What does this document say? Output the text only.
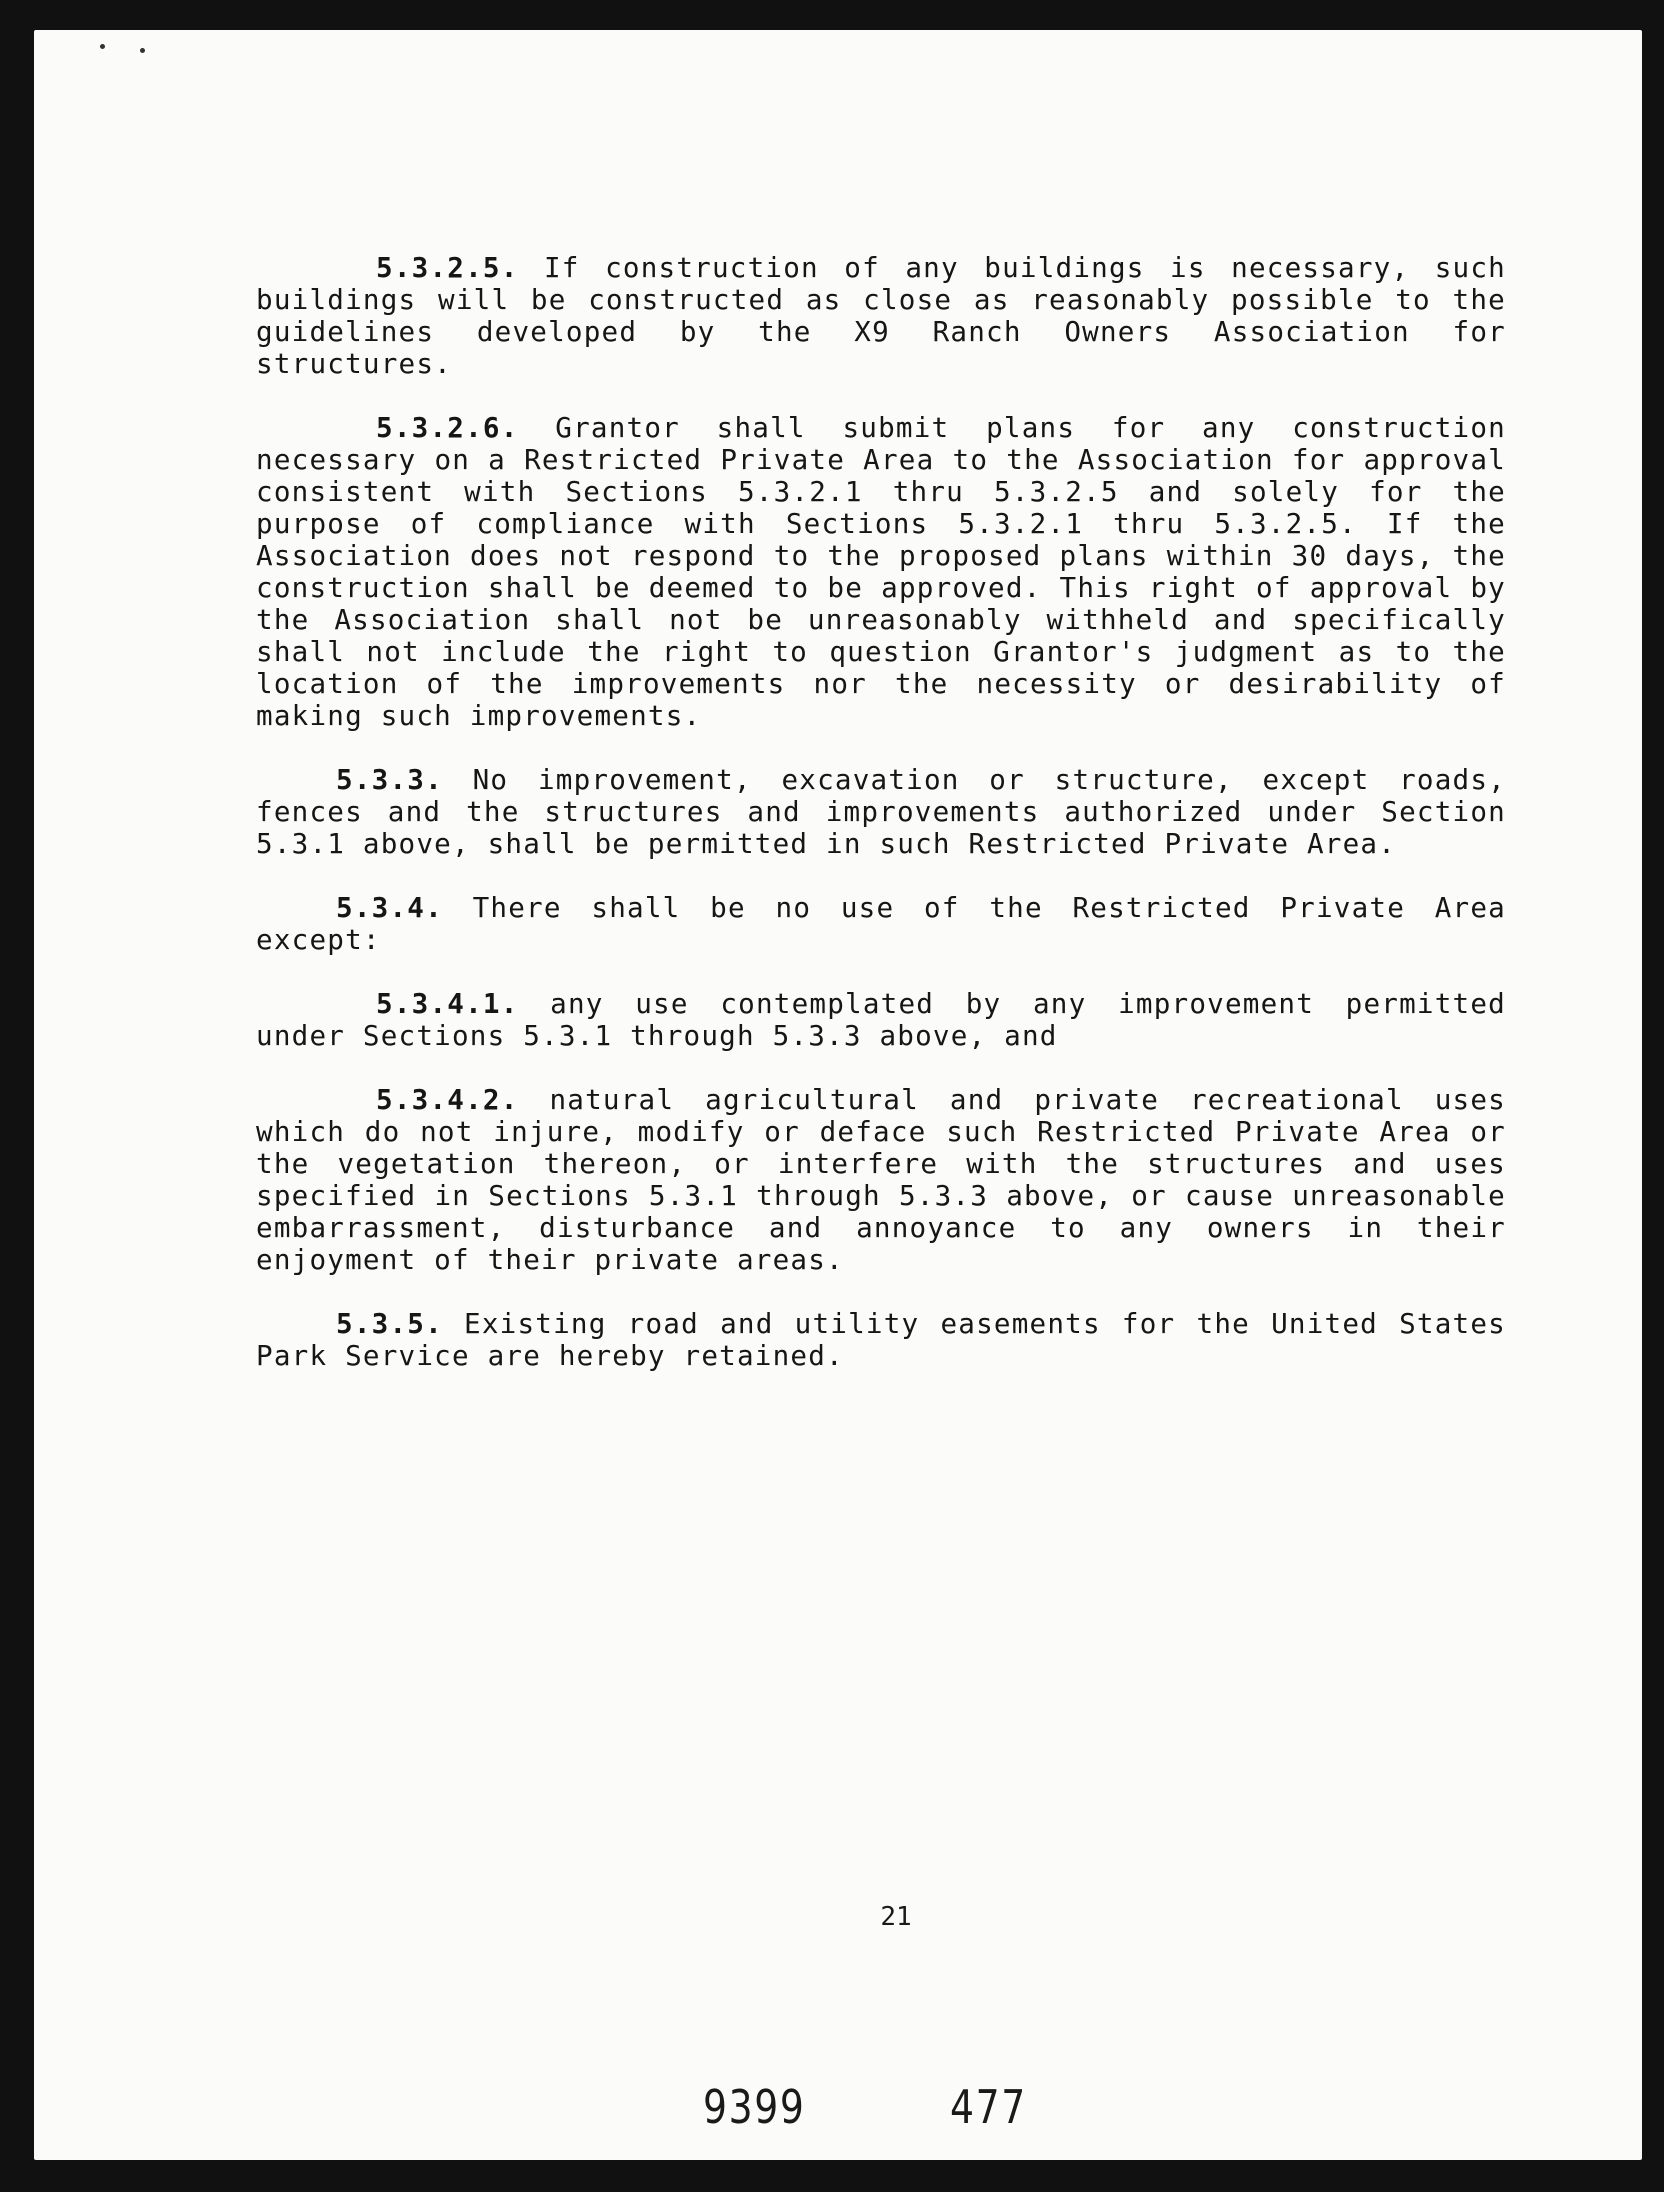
5.3.2.5. If construction of any buildings is necessary, such buildings will be constructed as close as reasonably possible to the guidelines developed by the X9 Ranch Owners Association for structures.

5.3.2.6. Grantor shall submit plans for any construction necessary on a Restricted Private Area to the Association for approval consistent with Sections 5.3.2.1 thru 5.3.2.5 and solely for the purpose of compliance with Sections 5.3.2.1 thru 5.3.2.5. If the Association does not respond to the proposed plans within 30 days, the construction shall be deemed to be approved. This right of approval by the Association shall not be unreasonably withheld and specifically shall not include the right to question Grantor's judgment as to the location of the improvements nor the necessity or desirability of making such improvements.

5.3.3. No improvement, excavation or structure, except roads, fences and the structures and improvements authorized under Section 5.3.1 above, shall be permitted in such Restricted Private Area.

5.3.4. There shall be no use of the Restricted Private Area except:

5.3.4.1. any use contemplated by any improvement permitted under Sections 5.3.1 through 5.3.3 above, and

5.3.4.2. natural agricultural and private recreational uses which do not injure, modify or deface such Restricted Private Area or the vegetation thereon, or interfere with the structures and uses specified in Sections 5.3.1 through 5.3.3 above, or cause unreasonable embarrassment, disturbance and annoyance to any owners in their enjoyment of their private areas.

5.3.5. Existing road and utility easements for the United States Park Service are hereby retained.

21
9399	477
